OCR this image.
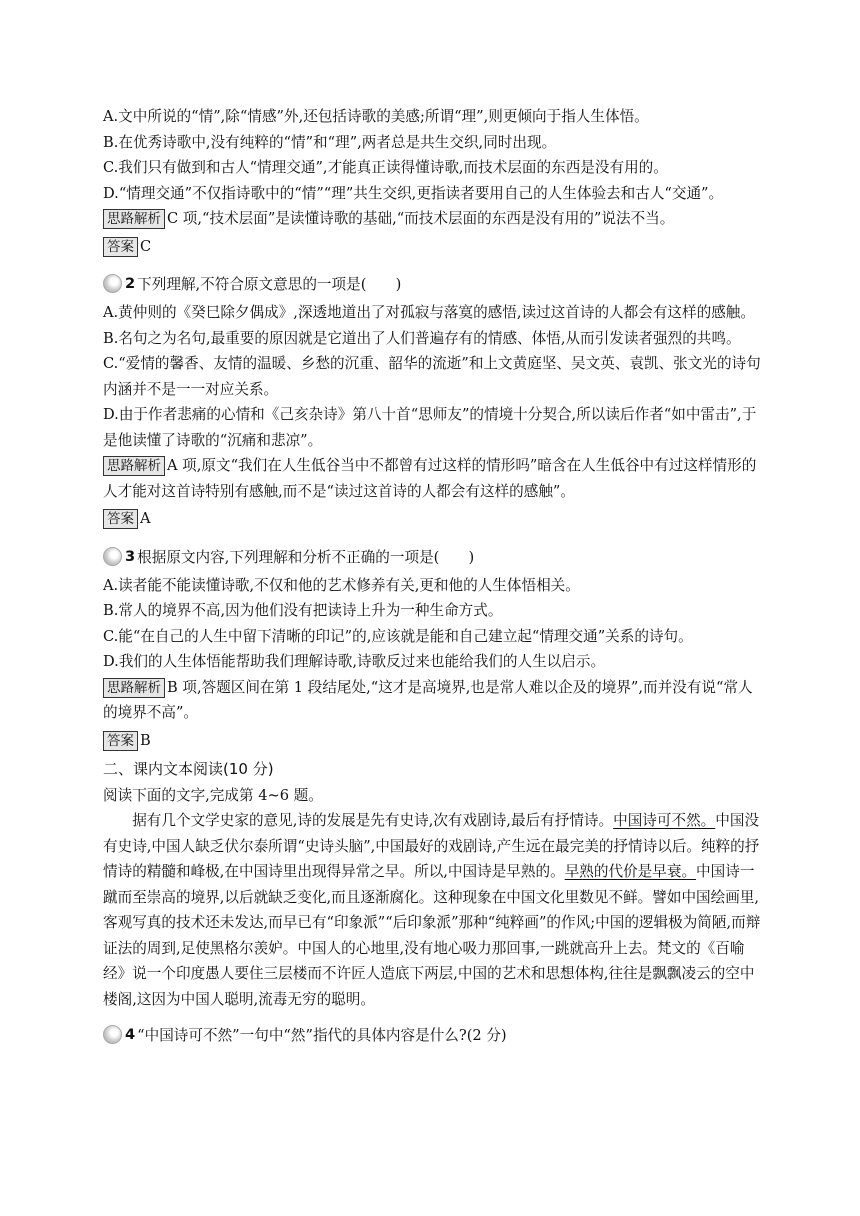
A.文中所说的“情”,除“情感”外,还包括诗歌的美感;所谓“理”,则更倾向于指人生体悟。

B.在优秀诗歌中,没有纯粹的“情”和“理”,两者总是共生交织,同时出现。

C.我们只有做到和古人“情理交通”,才能真正读得懂诗歌,而技术层面的东西是没有用的。

D.“情理交通”不仅指诗歌中的“情”“理”共生交织,更指读者要用自己的人生体验去和古人“交通”。

思路解析 C 项,“技术层面”是读懂诗歌的基础,“而技术层面的东西是没有用的”说法不当。

答案 C

2 下列理解,不符合原文意思的一项是(　　)

A.黄仲则的《癸巳除夕偶成》,深透地道出了对孤寂与落寞的感悟,读过这首诗的人都会有这样的感触。

B.名句之为名句,最重要的原因就是它道出了人们普遍存有的情感、体悟,从而引发读者强烈的共鸣。

C.“爱情的馨香、友情的温暖、乡愁的沉重、韶华的流逝”和上文黄庭坚、吴文英、袁凯、张文光的诗句内涵并不是一一对应关系。

D.由于作者悲痛的心情和《己亥杂诗》第八十首“思师友”的情境十分契合,所以读后作者“如中雷击”,于是他读懂了诗歌的“沉痛和悲凉”。

思路解析 A 项,原文“我们在人生低谷当中不都曾有过这样的情形吗”暗含在人生低谷中有过这样情形的人才能对这首诗特别有感触,而不是“读过这首诗的人都会有这样的感触”。

答案 A

3 根据原文内容,下列理解和分析不正确的一项是(　　)

A.读者能不能读懂诗歌,不仅和他的艺术修养有关,更和他的人生体悟相关。

B.常人的境界不高,因为他们没有把读诗上升为一种生命方式。

C.能“在自己的人生中留下清晰的印记”的,应该就是能和自己建立起“情理交通”关系的诗句。

D.我们的人生体悟能帮助我们理解诗歌,诗歌反过来也能给我们的人生以启示。

思路解析 B 项,答题区间在第 1 段结尾处,“这才是高境界,也是常人难以企及的境界”,而并没有说“常人的境界不高”。

答案 B

二、课内文本阅读(10 分)

阅读下面的文字,完成第 4~6 题。

据有几个文学史家的意见,诗的发展是先有史诗,次有戏剧诗,最后有抒情诗。中国诗可不然。中国没有史诗,中国人缺乏伏尔泰所谓“史诗头脑”,中国最好的戏剧诗,产生远在最完美的抒情诗以后。纯粹的抒情诗的精髓和峰极,在中国诗里出现得异常之早。所以,中国诗是早熟的。早熟的代价是早衰。中国诗一蹴而至崇高的境界,以后就缺乏变化,而且逐渐腐化。这种现象在中国文化里数见不鲜。譬如中国绘画里,客观写真的技术还未发达,而早已有“印象派”“后印象派”那种“纯粹画”的作风;中国的逻辑极为简陋,而辩证法的周到,足使黑格尔羡妒。中国人的心地里,没有地心吸力那回事,一跳就高升上去。梵文的《百喻经》说一个印度愚人要住三层楼而不许匠人造底下两层,中国的艺术和思想体构,往往是飘飘凌云的空中楼阁,这因为中国人聪明,流毒无穷的聪明。

4 “中国诗可不然”一句中“然”指代的具体内容是什么?(2 分)
